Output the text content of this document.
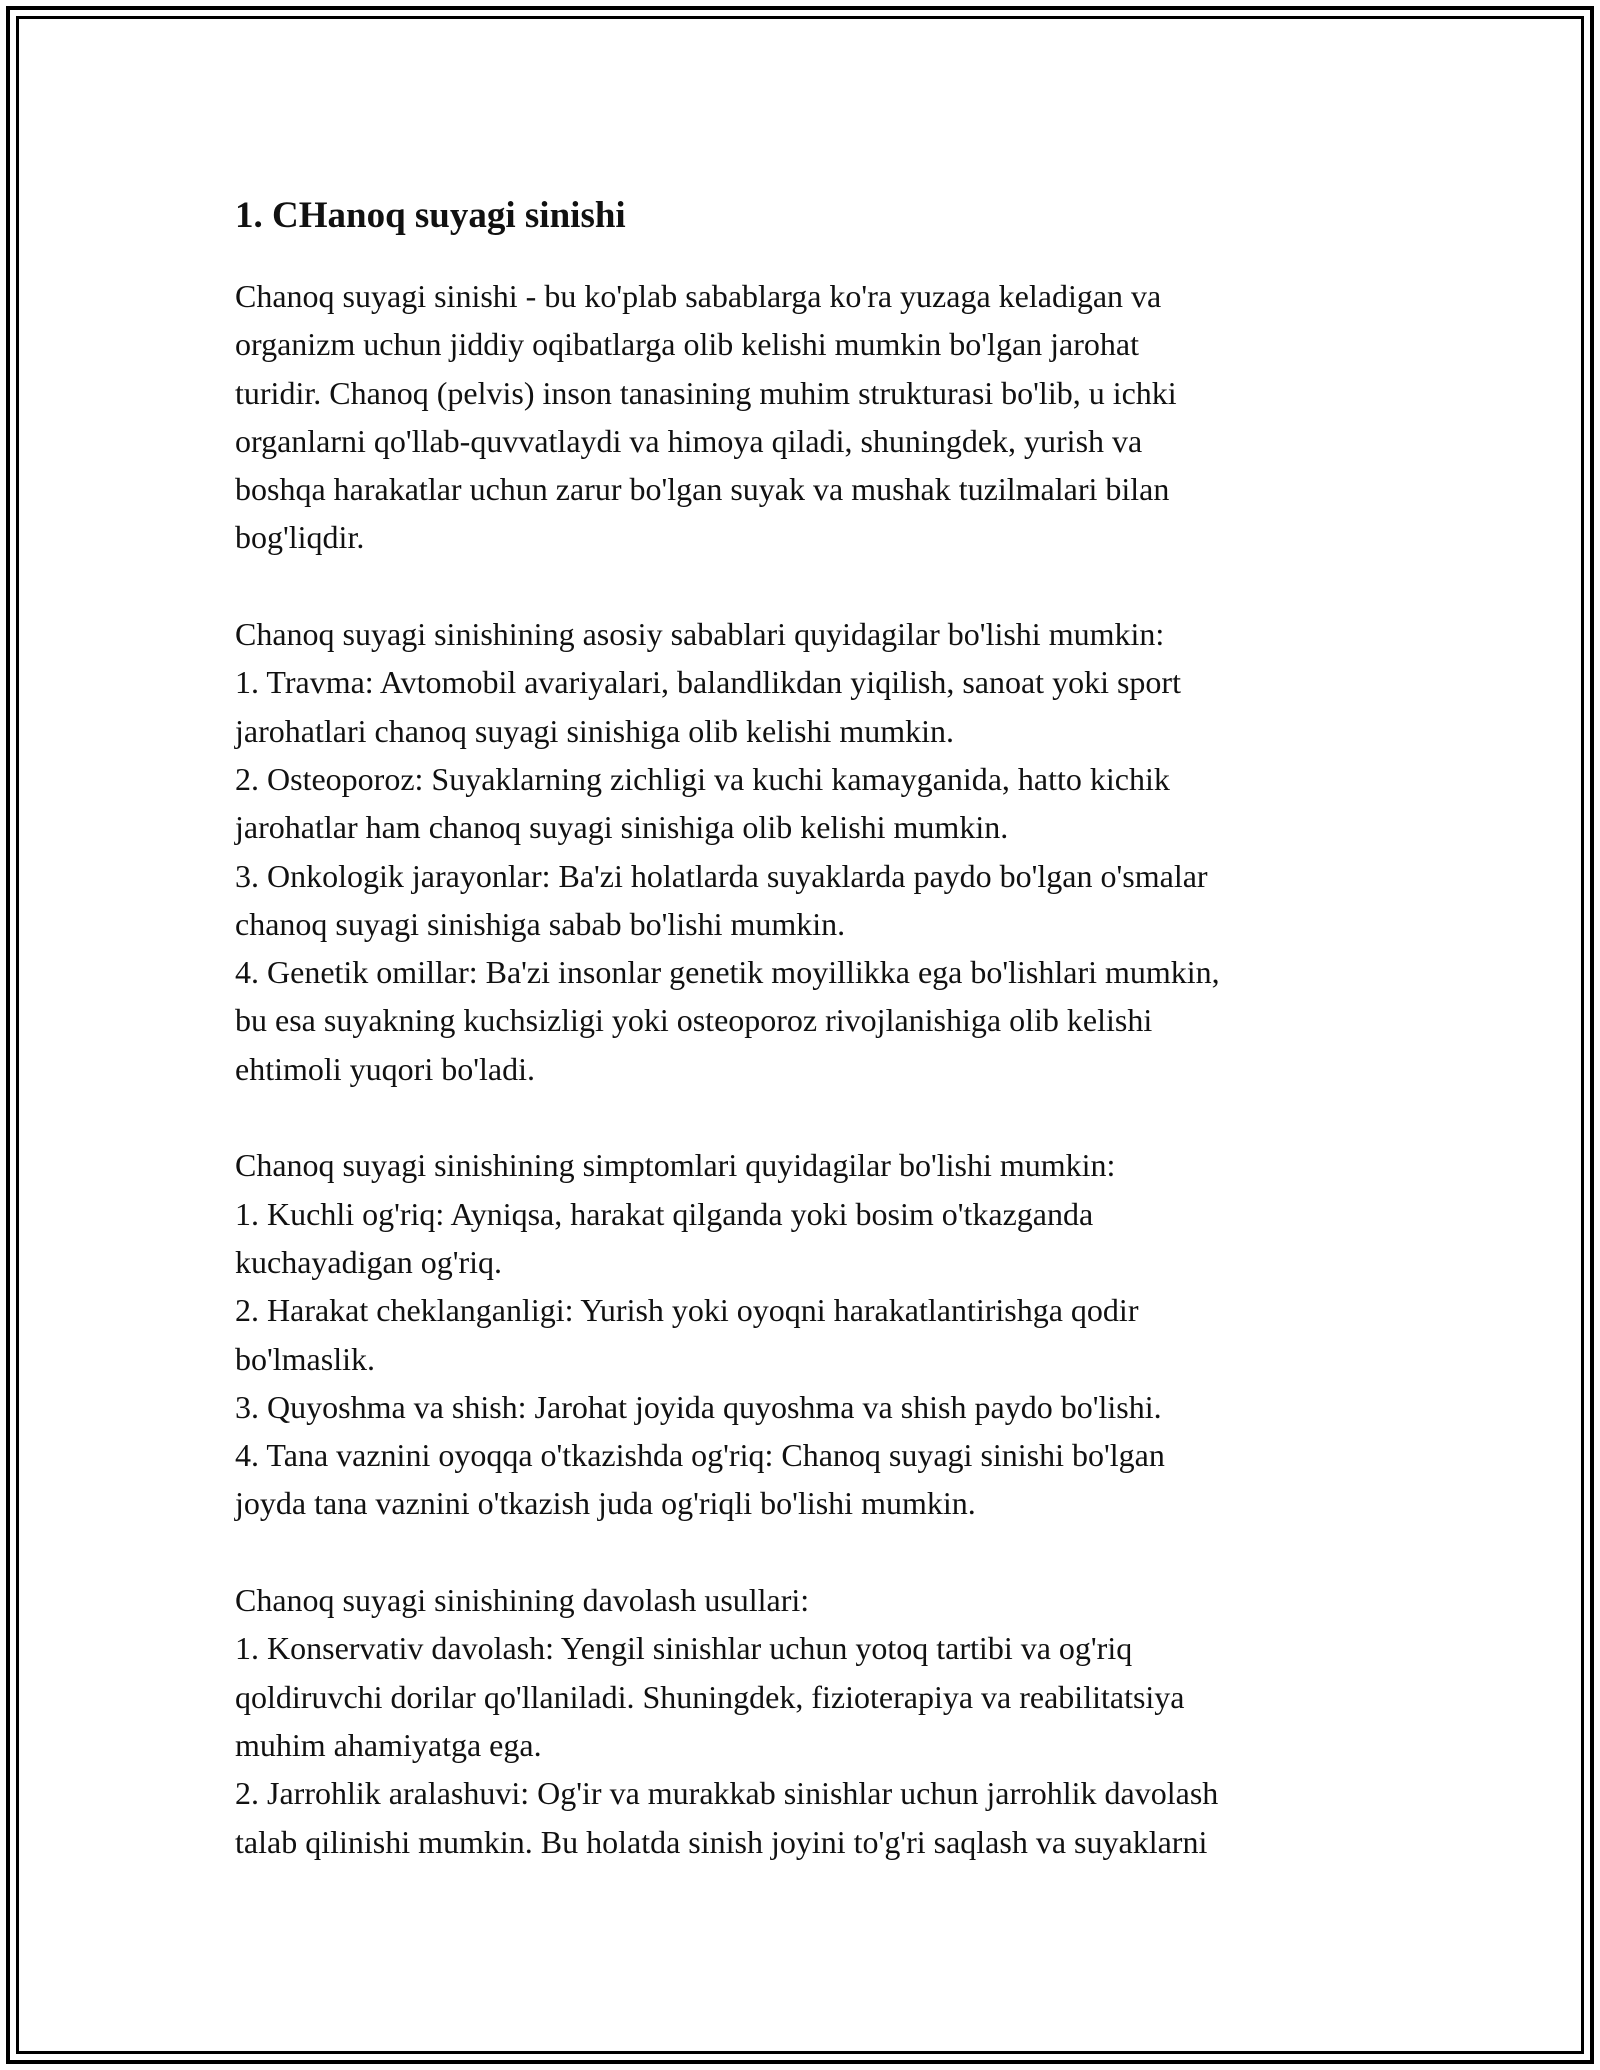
1. CHanoq suyagi sinishi

Chanoq suyagi sinishi - bu ko'plab sabablarga ko'ra yuzaga keladigan va
organizm uchun jiddiy oqibatlarga olib kelishi mumkin bo'lgan jarohat
turidir. Chanoq (pelvis) inson tanasining muhim strukturasi bo'lib, u ichki
organlarni qo'llab-quvvatlaydi va himoya qiladi, shuningdek, yurish va
boshqa harakatlar uchun zarur bo'lgan suyak va mushak tuzilmalari bilan
bog'liqdir.

Chanoq suyagi sinishining asosiy sabablari quyidagilar bo'lishi mumkin:
1. Travma: Avtomobil avariyalari, balandlikdan yiqilish, sanoat yoki sport
jarohatlari chanoq suyagi sinishiga olib kelishi mumkin.
2. Osteoporoz: Suyaklarning zichligi va kuchi kamayganida, hatto kichik
jarohatlar ham chanoq suyagi sinishiga olib kelishi mumkin.
3. Onkologik jarayonlar: Ba'zi holatlarda suyaklarda paydo bo'lgan o'smalar
chanoq suyagi sinishiga sabab bo'lishi mumkin.
4. Genetik omillar: Ba'zi insonlar genetik moyillikka ega bo'lishlari mumkin,
bu esa suyakning kuchsizligi yoki osteoporoz rivojlanishiga olib kelishi
ehtimoli yuqori bo'ladi.

Chanoq suyagi sinishining simptomlari quyidagilar bo'lishi mumkin:
1. Kuchli og'riq: Ayniqsa, harakat qilganda yoki bosim o'tkazganda
kuchayadigan og'riq.
2. Harakat cheklanganligi: Yurish yoki oyoqni harakatlantirishga qodir
bo'lmaslik.
3. Quyoshma va shish: Jarohat joyida quyoshma va shish paydo bo'lishi.
4. Tana vaznini oyoqqa o'tkazishda og'riq: Chanoq suyagi sinishi bo'lgan
joyda tana vaznini o'tkazish juda og'riqli bo'lishi mumkin.

Chanoq suyagi sinishining davolash usullari:
1. Konservativ davolash: Yengil sinishlar uchun yotoq tartibi va og'riq
qoldiruvchi dorilar qo'llaniladi. Shuningdek, fizioterapiya va reabilitatsiya
muhim ahamiyatga ega.
2. Jarrohlik aralashuvi: Og'ir va murakkab sinishlar uchun jarrohlik davolash
talab qilinishi mumkin. Bu holatda sinish joyini to'g'ri saqlash va suyaklarni
